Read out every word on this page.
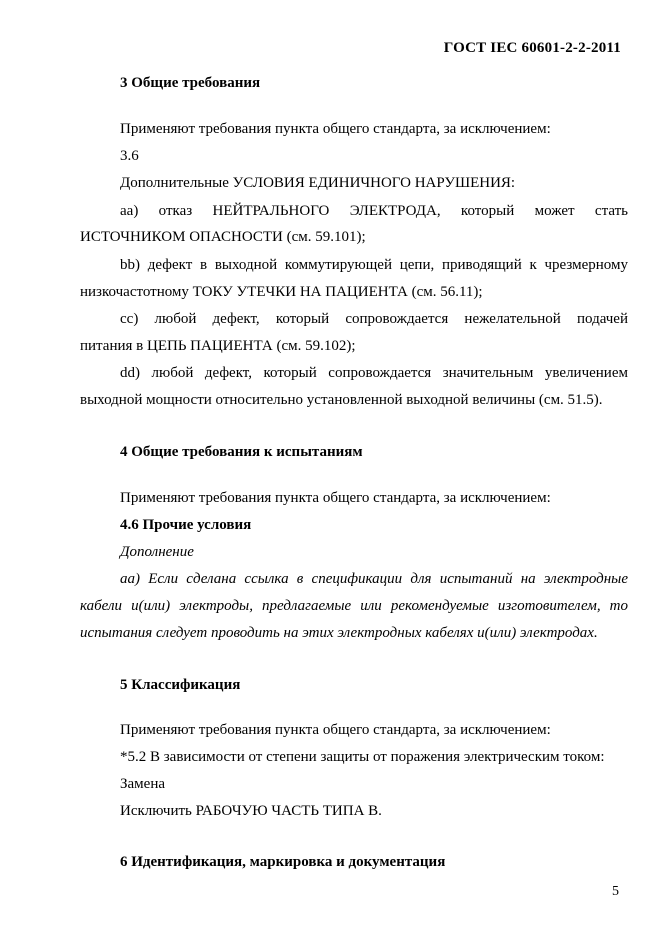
ГОСТ IEC 60601-2-2-2011
3 Общие требования
Применяют требования пункта общего стандарта, за исключением:
3.6
Дополнительные УСЛОВИЯ ЕДИНИЧНОГО НАРУШЕНИЯ:
аа) отказ НЕЙТРАЛЬНОГО ЭЛЕКТРОДА, который может стать
ИСТОЧНИКОМ ОПАСНОСТИ (см. 59.101);
bb) дефект в выходной коммутирующей цепи, приводящий к чрезмерному
низкочастотному ТОКУ УТЕЧКИ НА ПАЦИЕНТА (см. 56.11);
cc) любой дефект, который сопровождается нежелательной подачей
питания в ЦЕПЬ ПАЦИЕНТА (см. 59.102);
dd) любой дефект, который сопровождается значительным увеличением
выходной мощности относительно установленной выходной величины (см. 51.5).
4 Общие требования к испытаниям
Применяют требования пункта общего стандарта, за исключением:
4.6 Прочие условия
Дополнение
аа) Если сделана ссылка в спецификации для испытаний на электродные
кабели и(или) электроды, предлагаемые или рекомендуемые изготовителем, то
испытания следует проводить на этих электродных кабелях и(или) электродах.
5 Классификация
Применяют требования пункта общего стандарта, за исключением:
*5.2 В зависимости от степени защиты от поражения электрическим током:
Замена
Исключить РАБОЧУЮ ЧАСТЬ ТИПА В.
6 Идентификация, маркировка и документация
5
